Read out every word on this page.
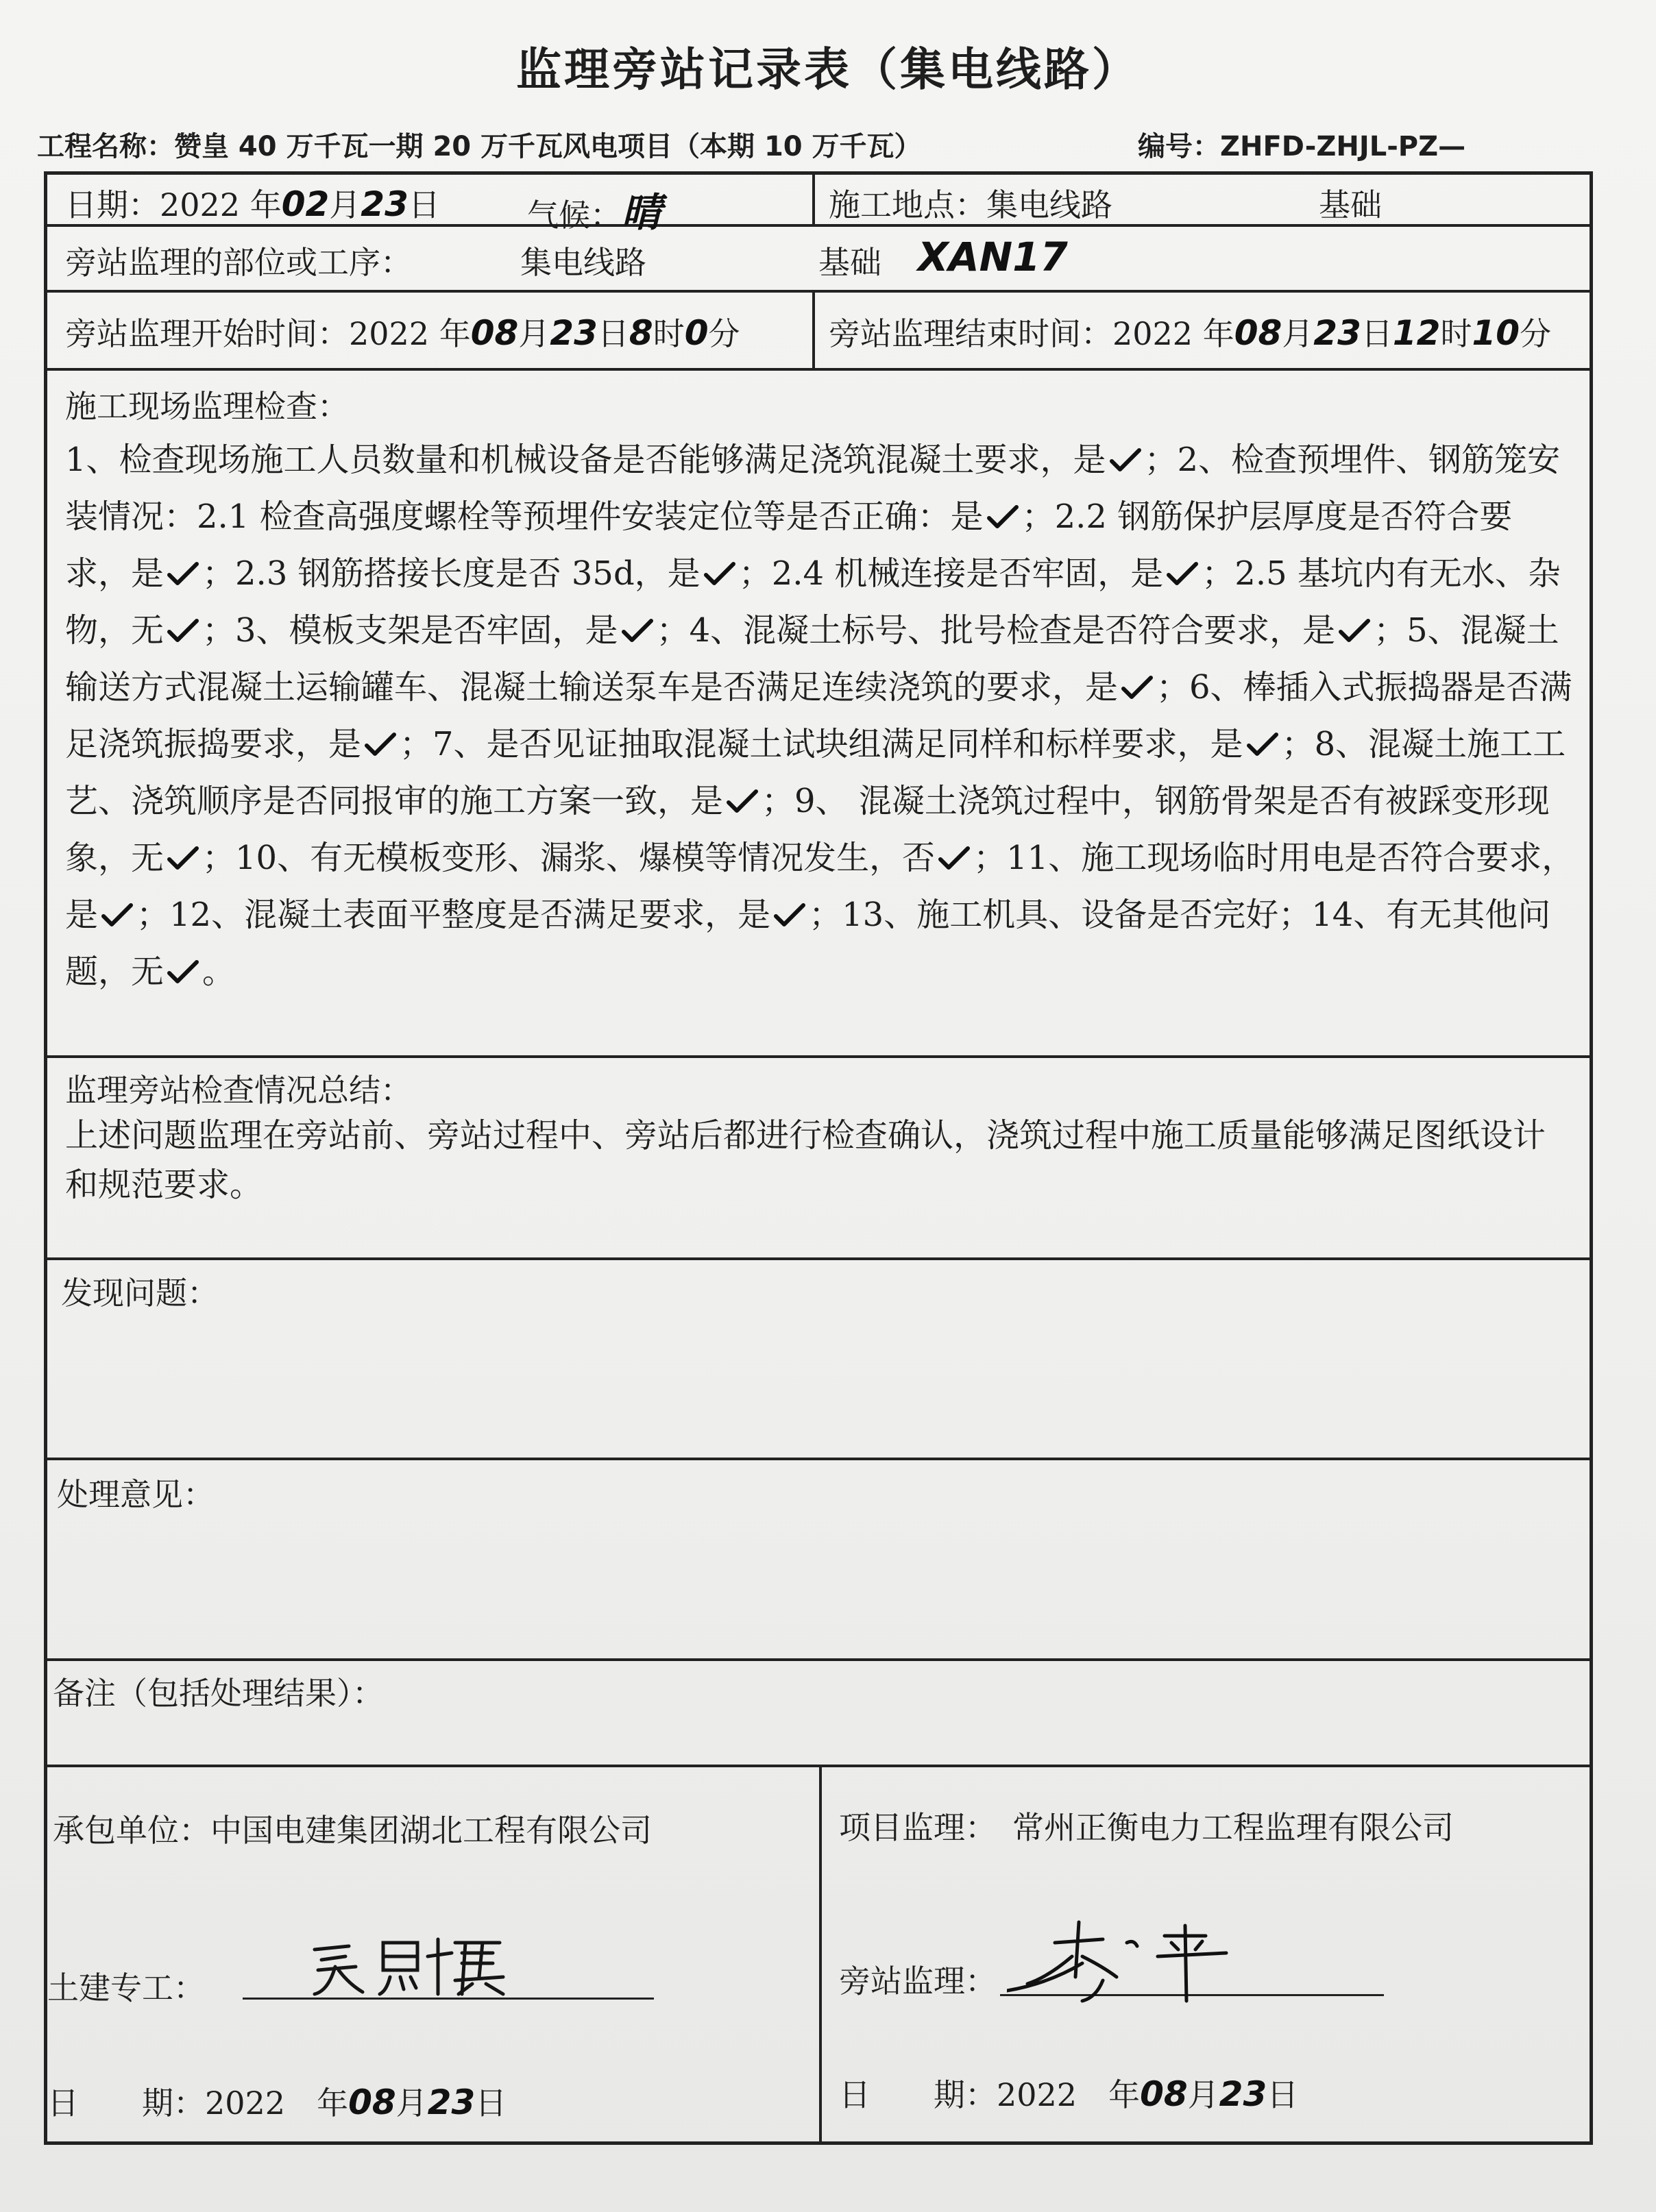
监理旁站记录表（集电线路）
工程名称：赞皇 40 万千瓦一期 20 万千瓦风电项目（本期 10 万千瓦）	编号：ZHFD-ZHJL-PZ—
日期：2022 年02月23日	气候：晴	施工地点：集电线路	基础
旁站监理的部位或工序：	集电线路	基础 XAN17
旁站监理开始时间：2022 年08月23日8时0分	旁站监理结束时间：2022 年08月23日12时10分
施工现场监理检查：
1、检查现场施工人员数量和机械设备是否能够满足浇筑混凝土要求，是 ；2、检查预埋件、钢筋笼安装情况：2.1 检查高强度螺栓等预埋件安装定位等是否正确：是 ；2.2 钢筋保护层厚度是否符合要求，是 ；2.3 钢筋搭接长度是否 35d，是 ；2.4 机械连接是否牢固，是 ；2.5 基坑内有无水、杂物，无 ；3、模板支架是否牢固，是 ；4、混凝土标号、批号检查是否符合要求，是 ；5、混凝土输送方式混凝土运输罐车、混凝土输送泵车是否满足连续浇筑的要求，是 ；6、棒插入式振捣器是否满足浇筑振捣要求，是 ；7、是否见证抽取混凝土试块组满足同样和标样要求，是 ；8、混凝土施工工艺、浇筑顺序是否同报审的施工方案一致，是 ；9、 混凝土浇筑过程中，钢筋骨架是否有被踩变形现象，无 ；10、有无模板变形、漏浆、爆模等情况发生，否 ；11、施工现场临时用电是否符合要求，是 ；12、混凝土表面平整度是否满足要求，是 ；13、施工机具、设备是否完好；14、有无其他问题，无 。
监理旁站检查情况总结：
上述问题监理在旁站前、旁站过程中、旁站后都进行检查确认，浇筑过程中施工质量能够满足图纸设计和规范要求。
发现问题：
处理意见：
备注（包括处理结果）：
承包单位：中国电建集团湖北工程有限公司
土建专工：
日　　期：2022　 年08月23日
项目监理：　常州正衡电力工程监理有限公司
旁站监理：
日　　期：2022　 年08月23日
